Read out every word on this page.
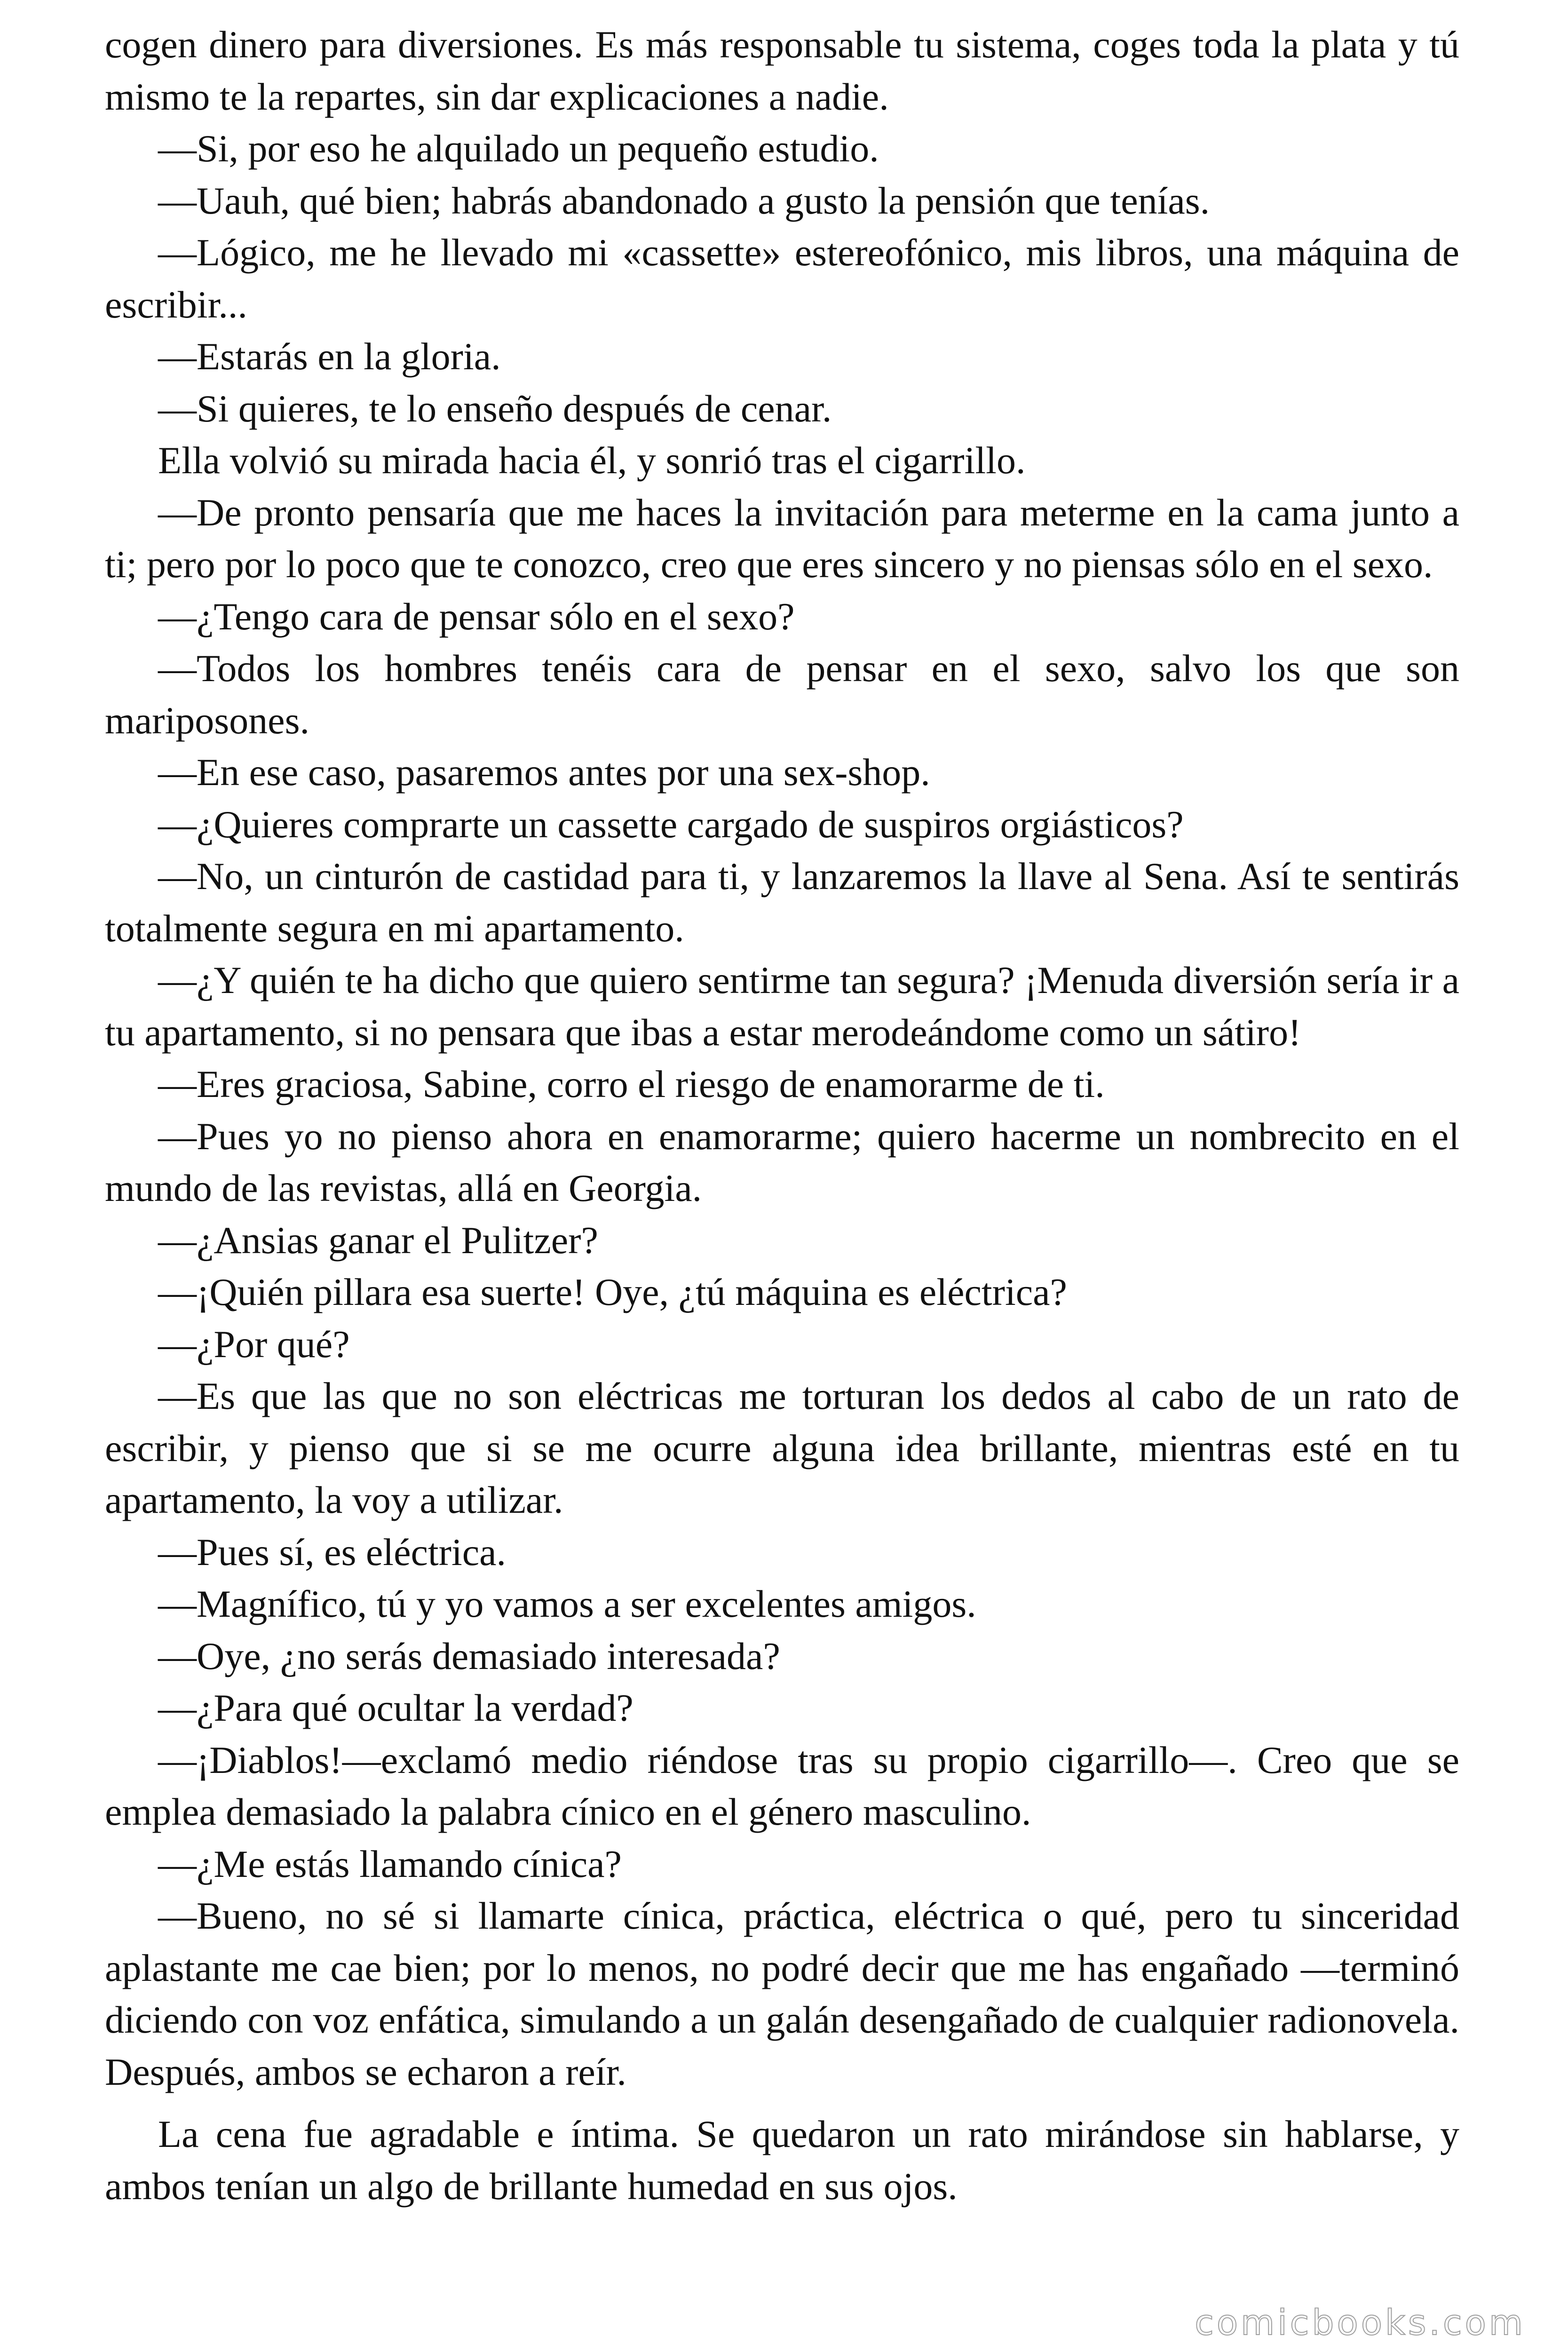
cogen dinero para diversiones. Es más responsable tu sistema, coges toda la plata y tú mismo te la repartes, sin dar explicaciones a nadie.

—Si, por eso he alquilado un pequeño estudio.

—Uauh, qué bien; habrás abandonado a gusto la pensión que tenías.

—Lógico, me he llevado mi «cassette» estereofónico, mis libros, una máquina de escribir...

—Estarás en la gloria.

—Si quieres, te lo enseño después de cenar.

Ella volvió su mirada hacia él, y sonrió tras el cigarrillo.

—De pronto pensaría que me haces la invitación para meterme en la cama junto a ti; pero por lo poco que te conozco, creo que eres sincero y no piensas sólo en el sexo.

—¿Tengo cara de pensar sólo en el sexo?

—Todos los hombres tenéis cara de pensar en el sexo, salvo los que son mariposones.

—En ese caso, pasaremos antes por una sex-shop.

—¿Quieres comprarte un cassette cargado de suspiros orgiásticos?

—No, un cinturón de castidad para ti, y lanzaremos la llave al Sena. Así te sentirás totalmente segura en mi apartamento.

—¿Y quién te ha dicho que quiero sentirme tan segura? ¡Menuda diversión sería ir a tu apartamento, si no pensara que ibas a estar merodeándome como un sátiro!

—Eres graciosa, Sabine, corro el riesgo de enamorarme de ti.

—Pues yo no pienso ahora en enamorarme; quiero hacerme un nombrecito en el mundo de las revistas, allá en Georgia.

—¿Ansias ganar el Pulitzer?

—¡Quién pillara esa suerte! Oye, ¿tú máquina es eléctrica?

—¿Por qué?

—Es que las que no son eléctricas me torturan los dedos al cabo de un rato de escribir, y pienso que si se me ocurre alguna idea brillante, mientras esté en tu apartamento, la voy a utilizar.

—Pues sí, es eléctrica.

—Magnífico, tú y yo vamos a ser excelentes amigos.

—Oye, ¿no serás demasiado interesada?

—¿Para qué ocultar la verdad?

—¡Diablos!—exclamó medio riéndose tras su propio cigarrillo—. Creo que se emplea demasiado la palabra cínico en el género masculino.

—¿Me estás llamando cínica?

—Bueno, no sé si llamarte cínica, práctica, eléctrica o qué, pero tu sinceridad aplastante me cae bien; por lo menos, no podré decir que me has engañado —terminó diciendo con voz enfática, simulando a un galán desengañado de cualquier radionovela. Después, ambos se echaron a reír.

La cena fue agradable e íntima. Se quedaron un rato mirándose sin hablarse, y ambos tenían un algo de brillante humedad en sus ojos.

comicbooks.com
